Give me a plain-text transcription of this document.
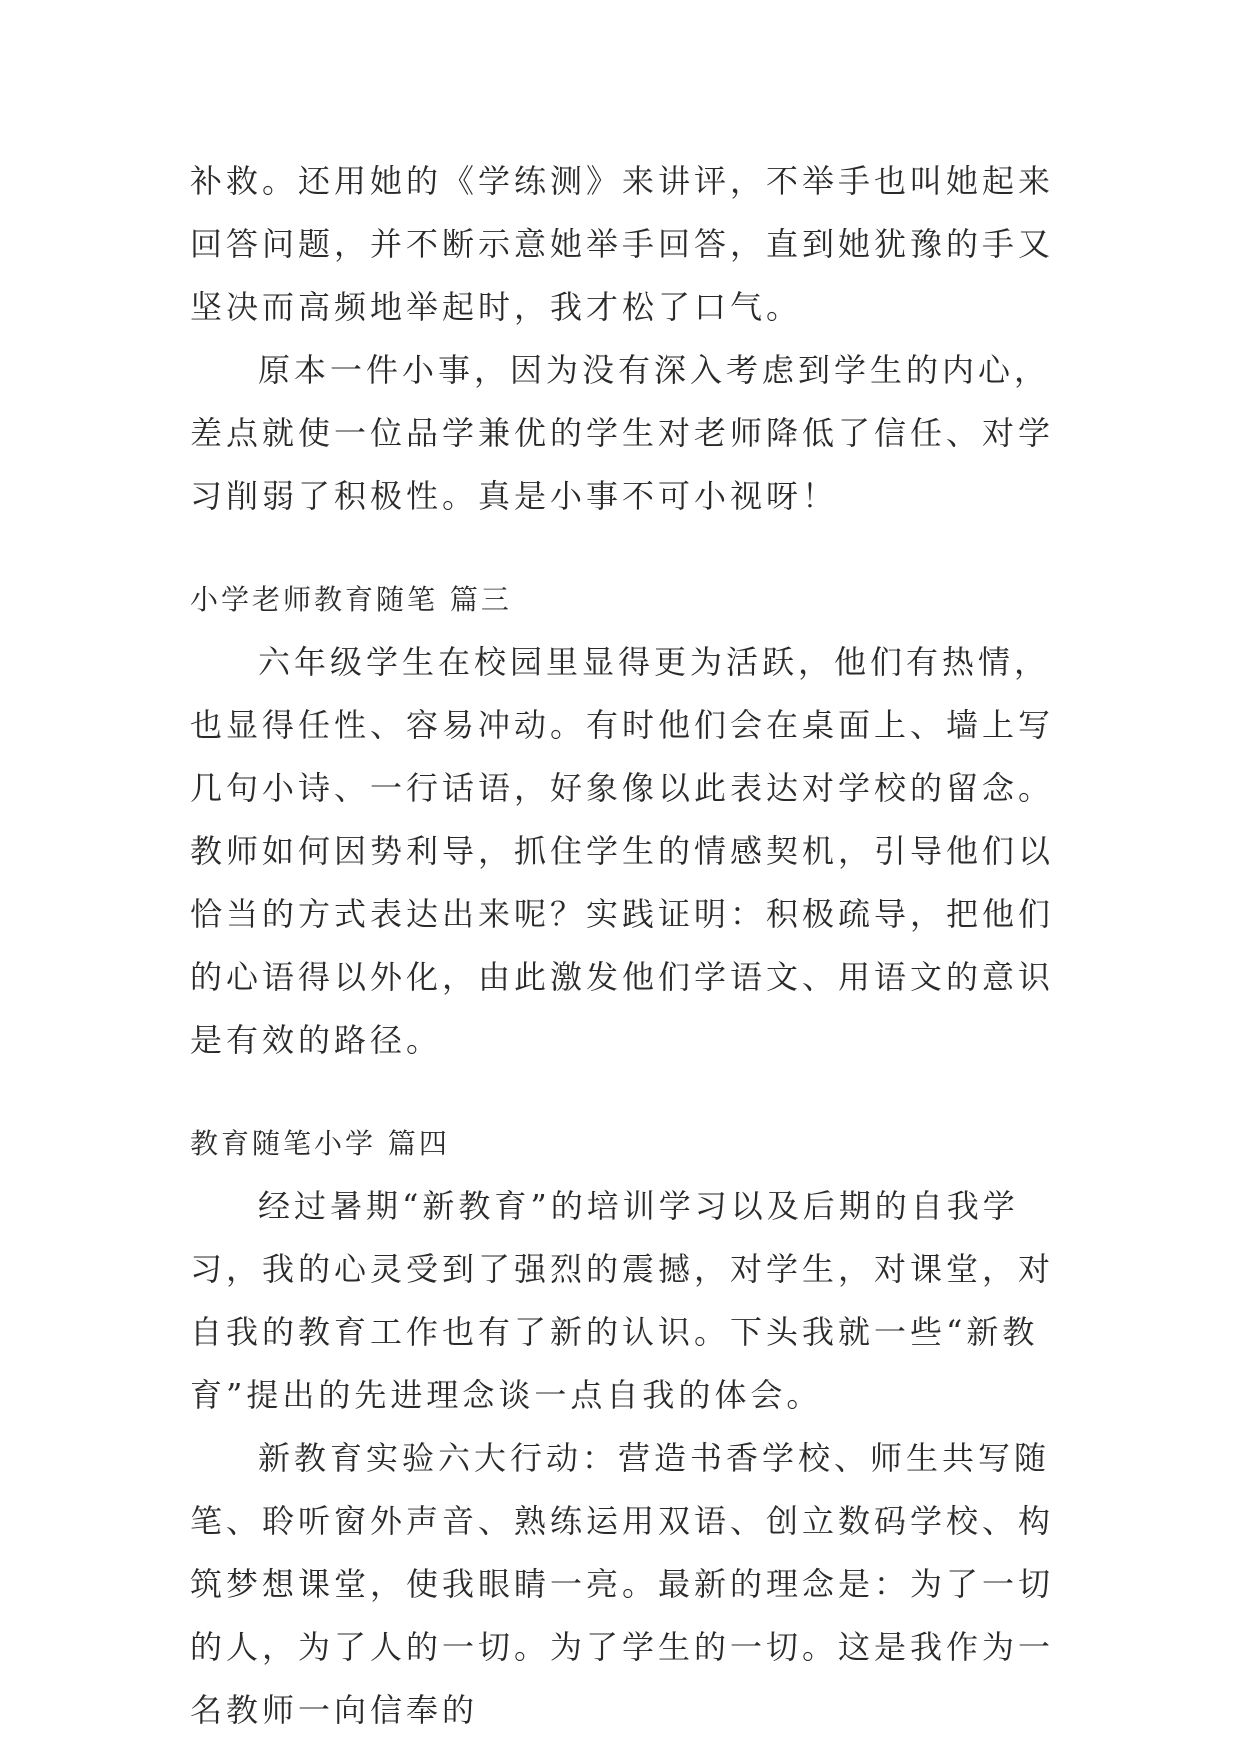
补救。还用她的《学练测》来讲评，不举手也叫她起来回答问题，并不断示意她举手回答，直到她犹豫的手又坚决而高频地举起时，我才松了口气。

原本一件小事，因为没有深入考虑到学生的内心，差点就使一位品学兼优的学生对老师降低了信任、对学习削弱了积极性。真是小事不可小视呀！

小学老师教育随笔 篇三

六年级学生在校园里显得更为活跃，他们有热情，也显得任性、容易冲动。有时他们会在桌面上、墙上写几句小诗、一行话语，好象像以此表达对学校的留念。教师如何因势利导，抓住学生的情感契机，引导他们以恰当的方式表达出来呢？实践证明：积极疏导，把他们的心语得以外化，由此激发他们学语文、用语文的意识是有效的路径。

教育随笔小学 篇四

经过暑期“新教育”的培训学习以及后期的自我学习，我的心灵受到了强烈的震撼，对学生，对课堂，对自我的教育工作也有了新的认识。下头我就一些“新教育”提出的先进理念谈一点自我的体会。

新教育实验六大行动：营造书香学校、师生共写随笔、聆听窗外声音、熟练运用双语、创立数码学校、构筑梦想课堂，使我眼睛一亮。最新的理念是：为了一切的人，为了人的一切。为了学生的一切。这是我作为一名教师一向信奉的
